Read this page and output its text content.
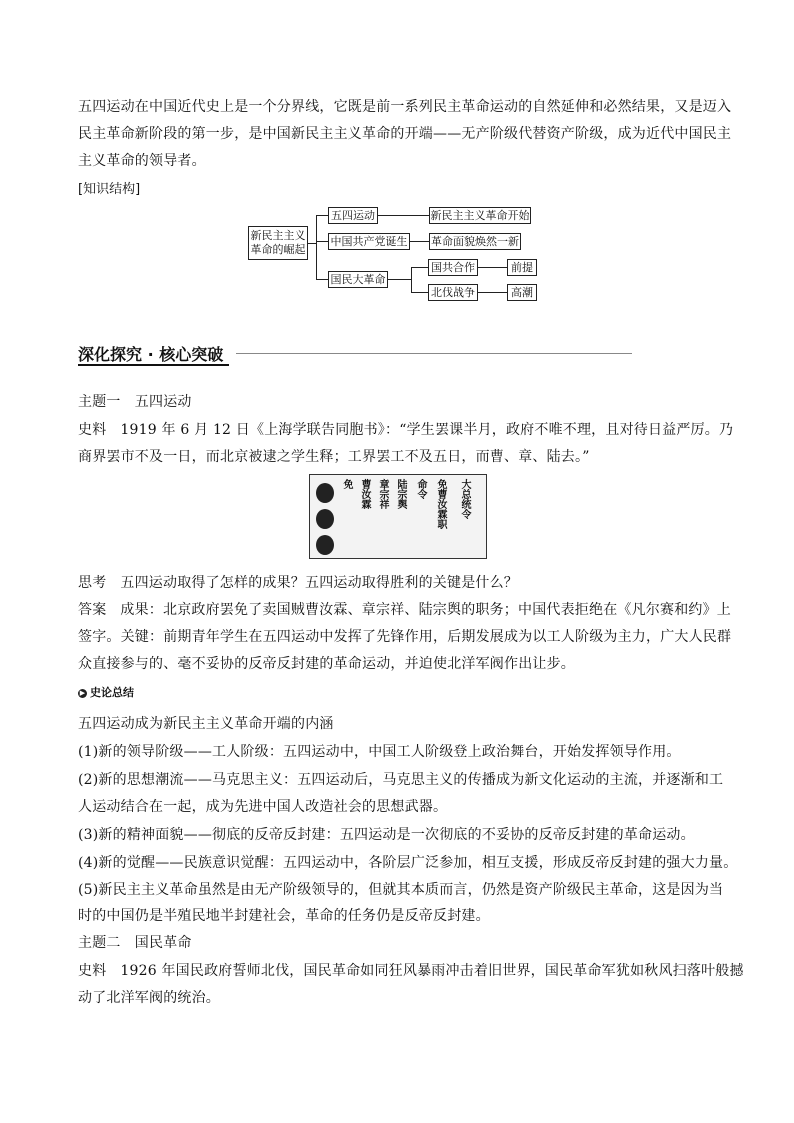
五四运动在中国近代史上是一个分界线，它既是前一系列民主革命运动的自然延伸和必然结果，又是迈入
民主革命新阶段的第一步，是中国新民主主义革命的开端——无产阶级代替资产阶级，成为近代中国民主
主义革命的领导者。
[知识结构]
新民主主义革命的崛起
五四运动	新民主主义革命开始
中国共产党诞生 革命面貌焕然一新
国民大革命
国共合作	前提
北伐战争	高潮
深化探究 · 核心突破
主题一　五四运动
史料 1919 年 6 月 12 日《上海学联告同胞书》：“学生罢课半月，政府不唯不理，且对待日益严厉。乃
商界罢市不及一日，而北京被逮之学生释；工界罢工不及五日，而曹、章、陆去。”
免 曹汝霖 章宗祥 陆宗舆 命令 免曹汝霖职 大总统令
思考 五四运动取得了怎样的成果？五四运动取得胜利的关键是什么？
答案 成果：北京政府罢免了卖国贼曹汝霖、章宗祥、陆宗舆的职务；中国代表拒绝在《凡尔赛和约》上
签字。关键：前期青年学生在五四运动中发挥了先锋作用，后期发展成为以工人阶级为主力，广大人民群
众直接参与的、毫不妥协的反帝反封建的革命运动，并迫使北洋军阀作出让步。
▶ 史论总结
五四运动成为新民主主义革命开端的内涵
(1)新的领导阶级——工人阶级：五四运动中，中国工人阶级登上政治舞台，开始发挥领导作用。
(2)新的思想潮流——马克思主义：五四运动后，马克思主义的传播成为新文化运动的主流，并逐渐和工
人运动结合在一起，成为先进中国人改造社会的思想武器。
(3)新的精神面貌——彻底的反帝反封建：五四运动是一次彻底的不妥协的反帝反封建的革命运动。
(4)新的觉醒——民族意识觉醒：五四运动中，各阶层广泛参加，相互支援，形成反帝反封建的强大力量。
(5)新民主主义革命虽然是由无产阶级领导的，但就其本质而言，仍然是资产阶级民主革命，这是因为当
时的中国仍是半殖民地半封建社会，革命的任务仍是反帝反封建。
主题二　国民革命
史料 1926 年国民政府誓师北伐，国民革命如同狂风暴雨冲击着旧世界，国民革命军犹如秋风扫落叶般撼
动了北洋军阀的统治。
